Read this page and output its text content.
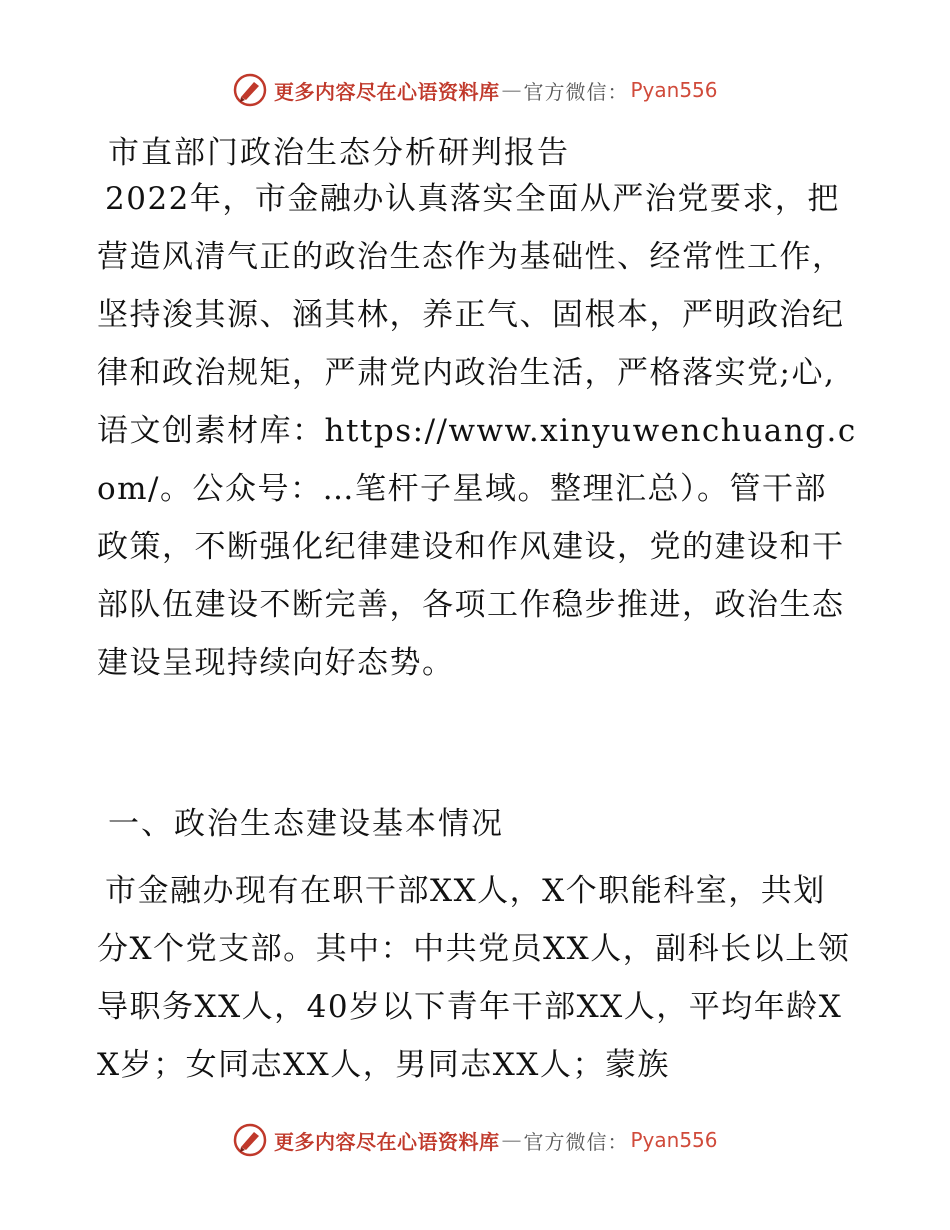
更多内容尽在心语资料库 — 官方微信： Pyan556
市直部门政治生态分析研判报告

2022年，市金融办认真落实全面从严治党要求，把营造风清气正的政治生态作为基础性、经常性工作，坚持浚其源、涵其林，养正气、固根本，严明政治纪律和政治规矩，严肃党内政治生活，严格落实党;心,语文创素材库：https://www.xinyuwenchuang.com/。公众号：…笔杆子星域。整理汇总）。管干部政策，不断强化纪律建设和作风建设，党的建设和干部队伍建设不断完善，各项工作稳步推进，政治生态建设呈现持续向好态势。

一、政治生态建设基本情况

市金融办现有在职干部XX人，X个职能科室，共划分X个党支部。其中：中共党员XX人，副科长以上领导职务XX人，40岁以下青年干部XX人，平均年龄XX岁；女同志XX人，男同志XX人；蒙族

更多内容尽在心语资料库 — 官方微信： Pyan556
